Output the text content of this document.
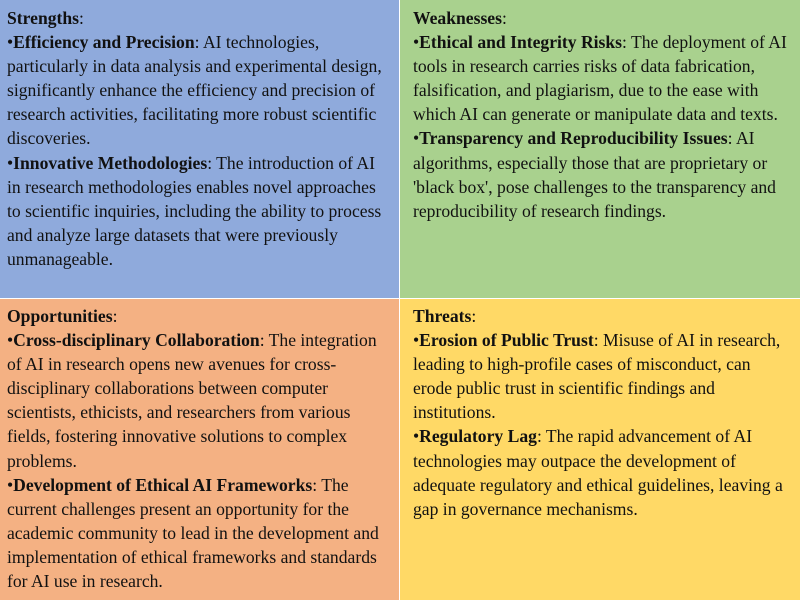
Strengths:

•Efficiency and Precision: AI technologies, particularly in data analysis and experimental design, significantly enhance the efficiency and precision of research activities, facilitating more robust scientific discoveries.

•Innovative Methodologies: The introduction of AI in research methodologies enables novel approaches to scientific inquiries, including the ability to process and analyze large datasets that were previously unmanageable.

Weaknesses:

•Ethical and Integrity Risks: The deployment of AI tools in research carries risks of data fabrication, falsification, and plagiarism, due to the ease with which AI can generate or manipulate data and texts.

•Transparency and Reproducibility Issues: AI algorithms, especially those that are proprietary or 'black box', pose challenges to the transparency and reproducibility of research findings.

Opportunities:

•Cross-disciplinary Collaboration: The integration of AI in research opens new avenues for cross-disciplinary collaborations between computer scientists, ethicists, and researchers from various fields, fostering innovative solutions to complex problems.

•Development of Ethical AI Frameworks: The current challenges present an opportunity for the academic community to lead in the development and implementation of ethical frameworks and standards for AI use in research.

Threats:

•Erosion of Public Trust: Misuse of AI in research, leading to high-profile cases of misconduct, can erode public trust in scientific findings and institutions.

•Regulatory Lag: The rapid advancement of AI technologies may outpace the development of adequate regulatory and ethical guidelines, leaving a gap in governance mechanisms.
